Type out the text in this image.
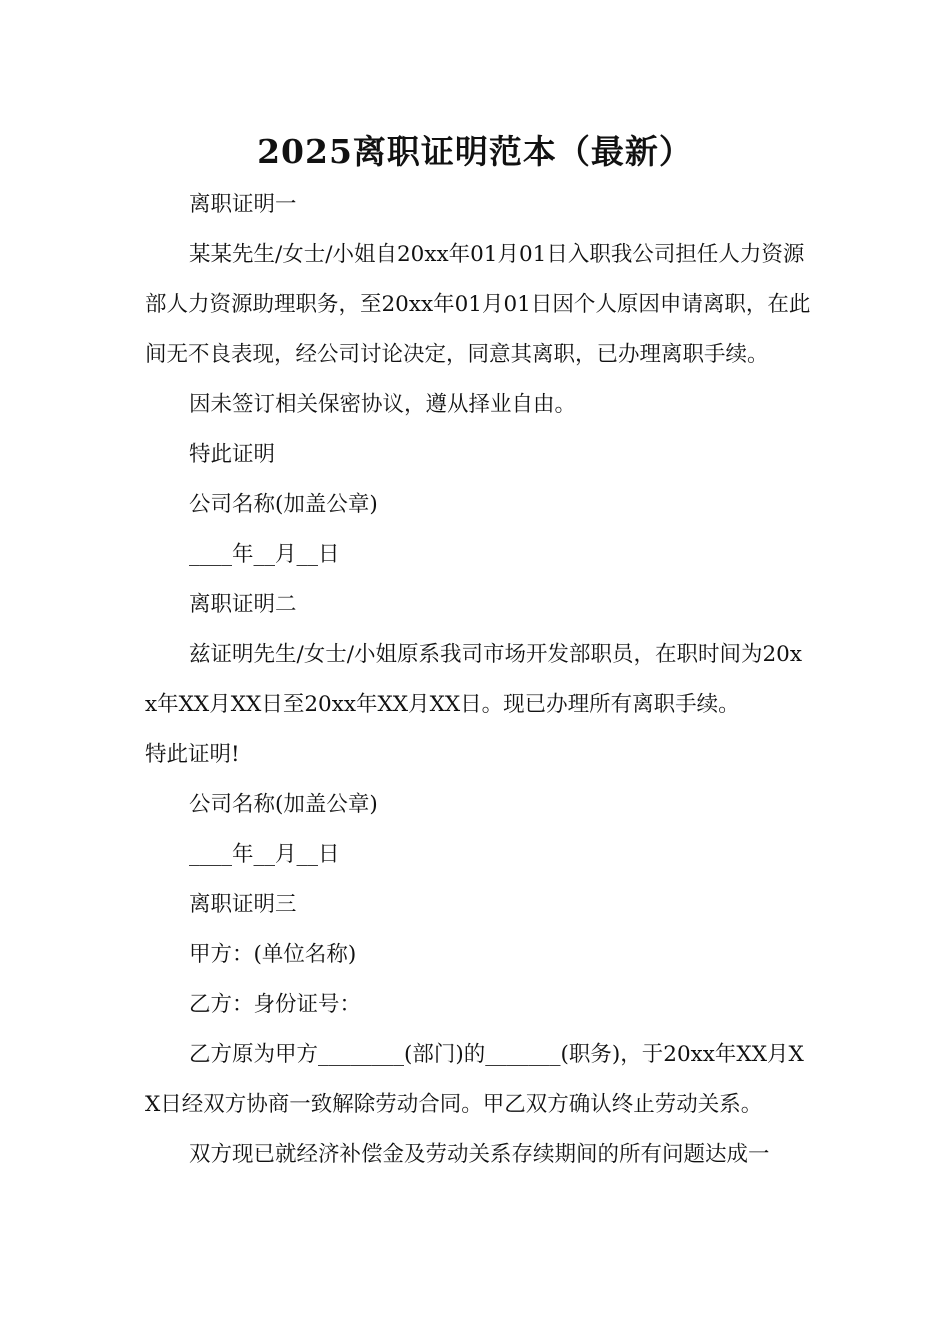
2025离职证明范本（最新）

离职证明一

某某先生/女士/小姐自20xx年01月01日入职我公司担任人力资源部人力资源助理职务，至20xx年01月01日因个人原因申请离职，在此间无不良表现，经公司讨论决定，同意其离职，已办理离职手续。

因未签订相关保密协议，遵从择业自由。

特此证明

公司名称(加盖公章)

____年__月__日

离职证明二

兹证明先生/女士/小姐原系我司市场开发部职员，在职时间为20xx年XX月XX日至20xx年XX月XX日。现已办理所有离职手续。

特此证明!

公司名称(加盖公章)

____年__月__日

离职证明三

甲方：(单位名称)

乙方：身份证号：

乙方原为甲方________(部门)的_______(职务)，于20xx年XX月XX日经双方协商一致解除劳动合同。甲乙双方确认终止劳动关系。

双方现已就经济补偿金及劳动关系存续期间的所有问题达成一
